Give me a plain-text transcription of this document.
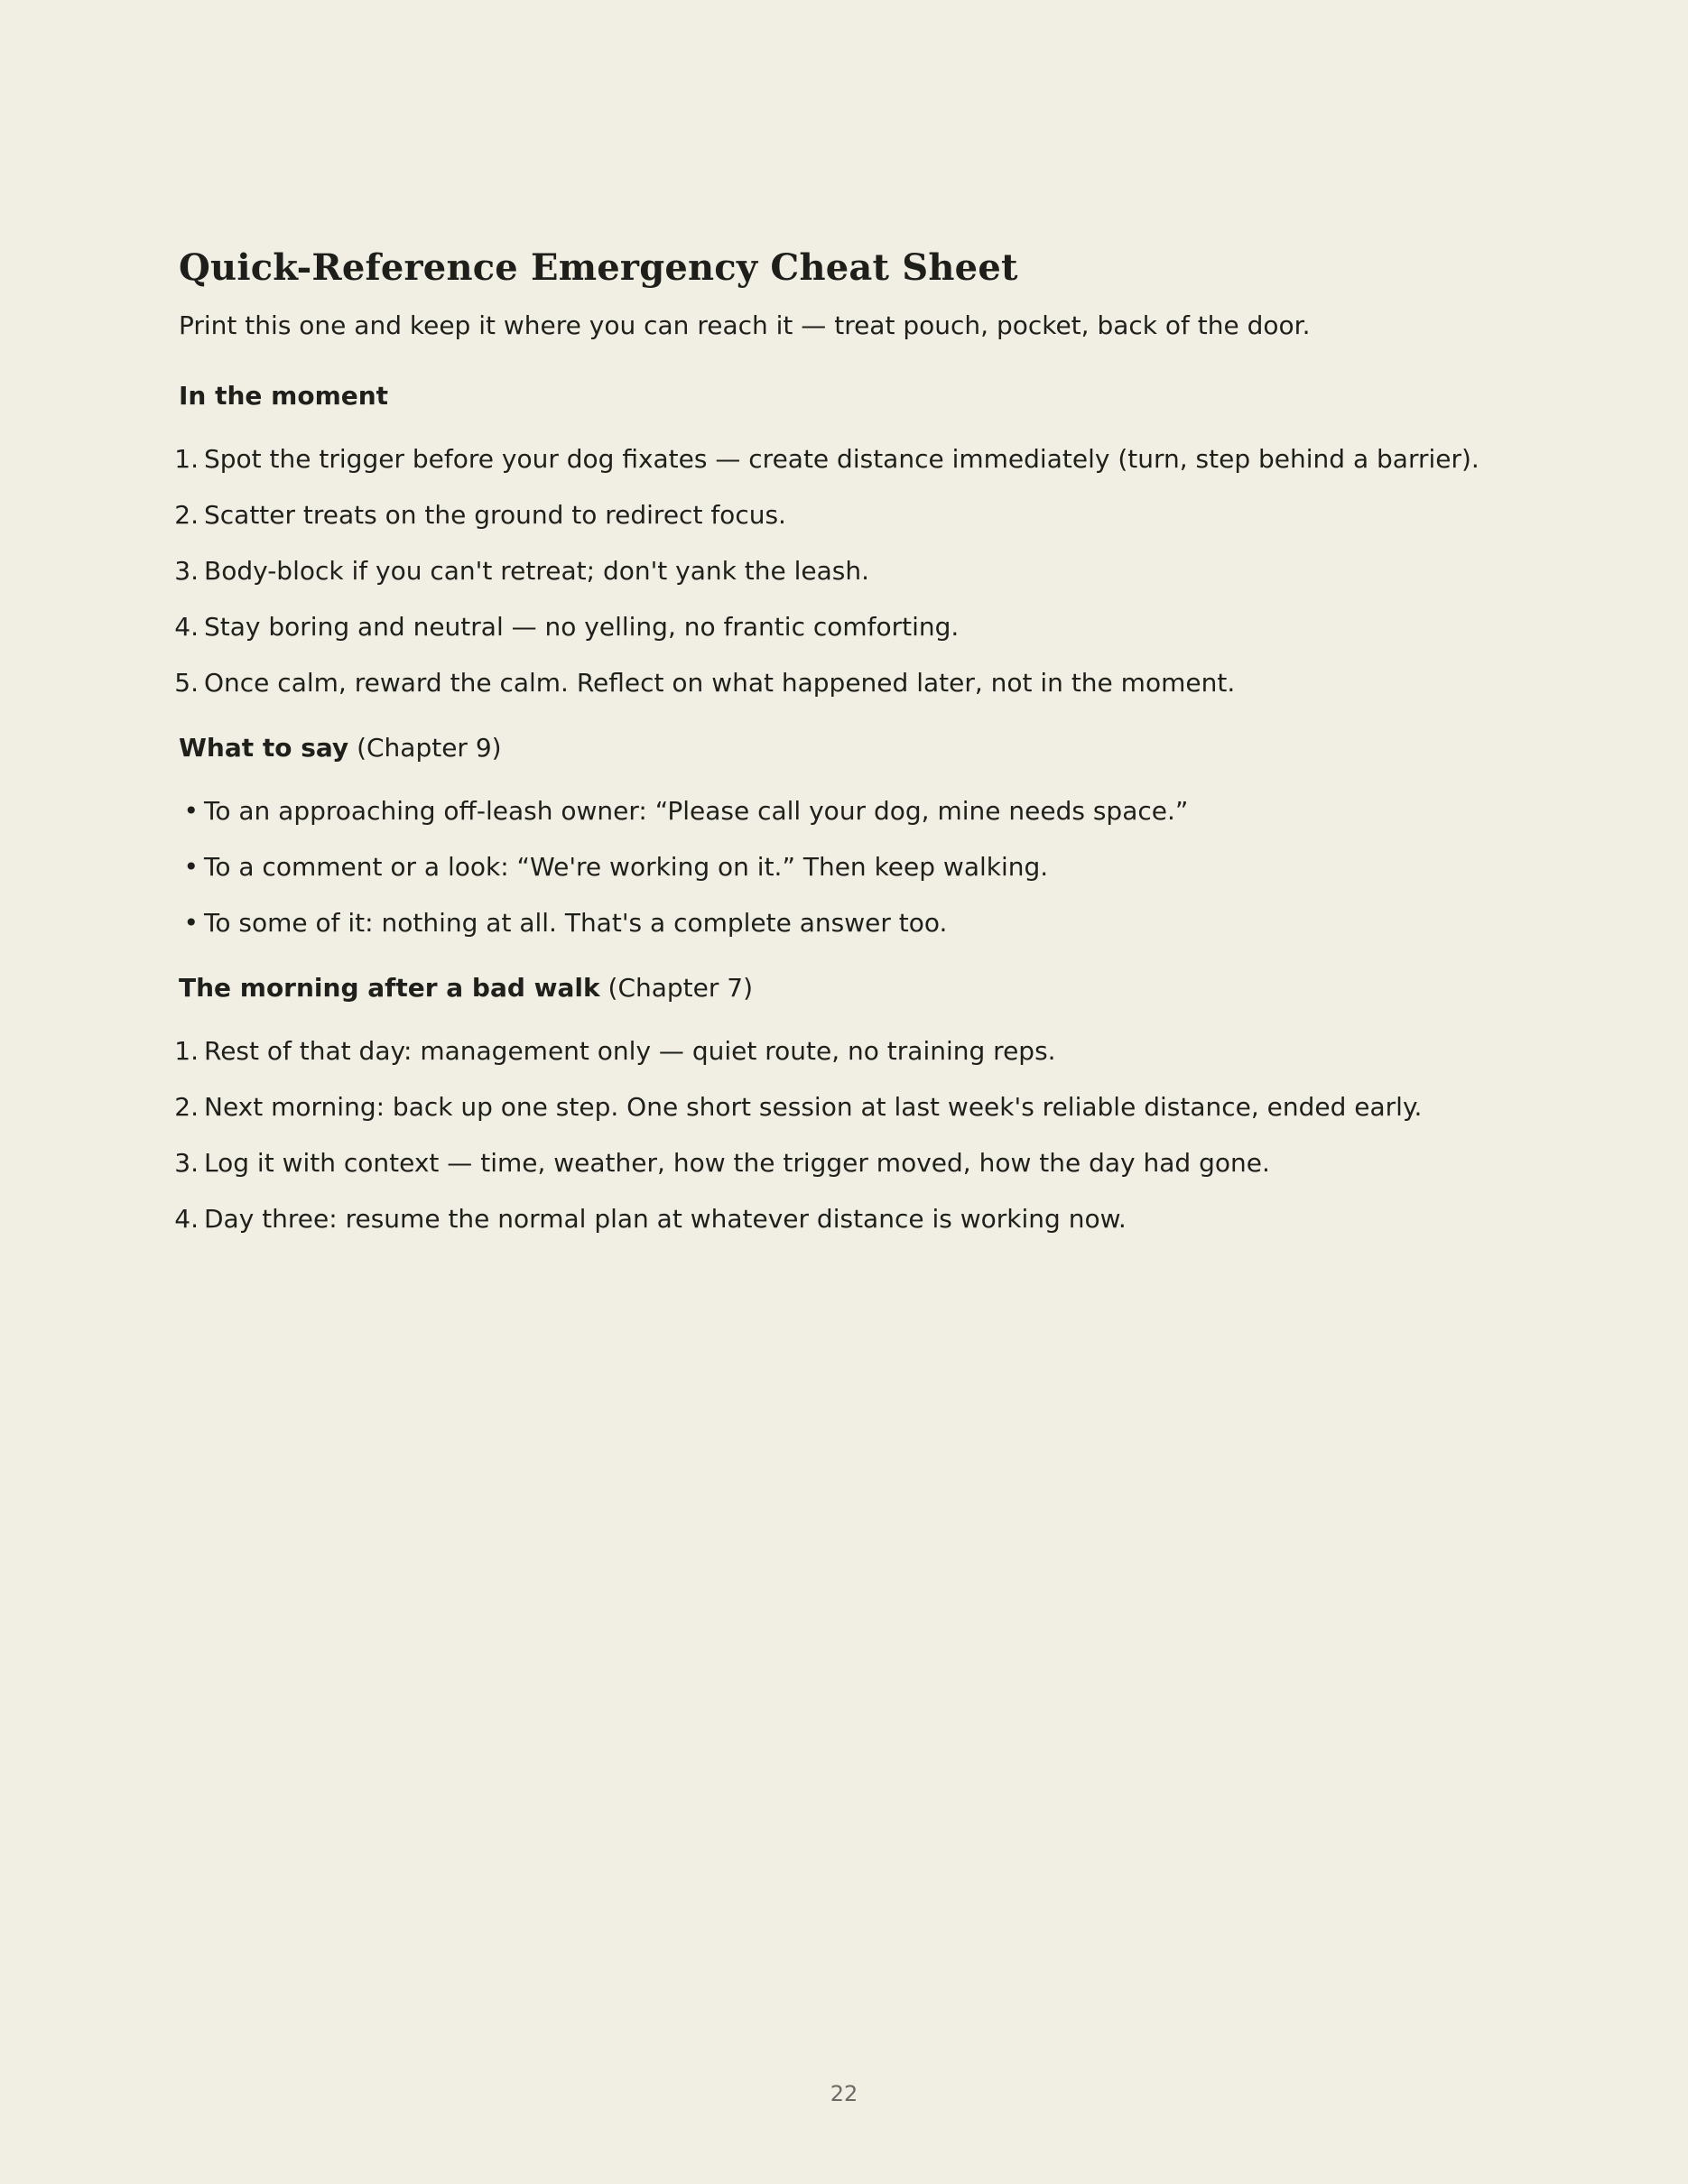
Quick-Reference Emergency Cheat Sheet

Print this one and keep it where you can reach it — treat pouch, pocket, back of the door.

In the moment
1. Spot the trigger before your dog fixates — create distance immediately (turn, step behind a barrier).
2. Scatter treats on the ground to redirect focus.
3. Body-block if you can't retreat; don't yank the leash.
4. Stay boring and neutral — no yelling, no frantic comforting.
5. Once calm, reward the calm. Reflect on what happened later, not in the moment.
What to say (Chapter 9)
• To an approaching off-leash owner: “Please call your dog, mine needs space.”
• To a comment or a look: “We're working on it.” Then keep walking.
• To some of it: nothing at all. That's a complete answer too.
The morning after a bad walk (Chapter 7)
1. Rest of that day: management only — quiet route, no training reps.
2. Next morning: back up one step. One short session at last week's reliable distance, ended early.
3. Log it with context — time, weather, how the trigger moved, how the day had gone.
4. Day three: resume the normal plan at whatever distance is working now.
22
